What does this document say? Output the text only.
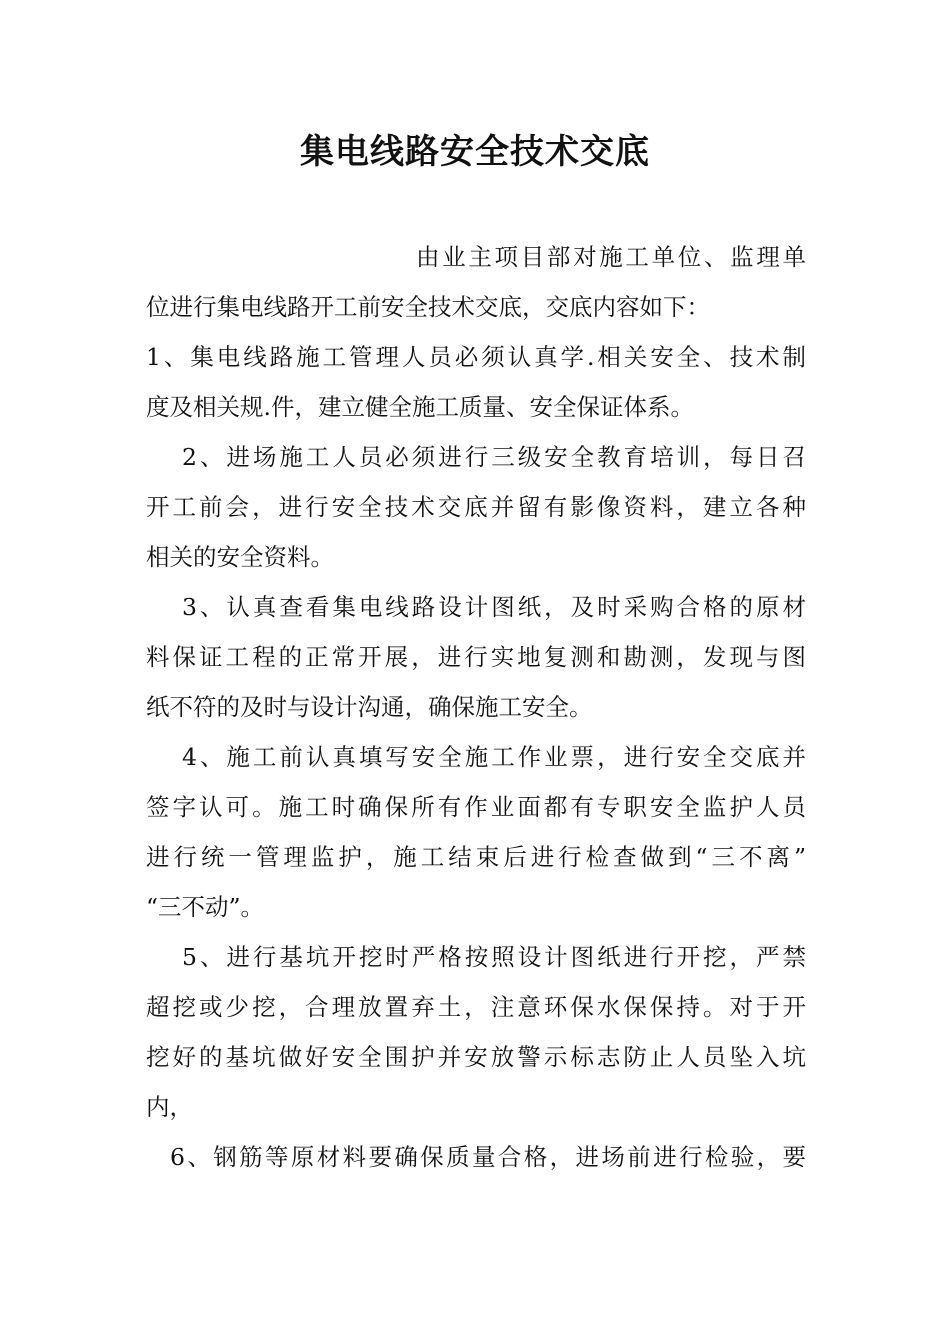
集电线路安全技术交底
由业主项目部对施工单位、监理单
位进行集电线路开工前安全技术交底，交底内容如下：
1、集电线路施工管理人员必须认真学.相关安全、技术制
度及相关规.件，建立健全施工质量、安全保证体系。
2、进场施工人员必须进行三级安全教育培训，每日召
开工前会，进行安全技术交底并留有影像资料，建立各种
相关的安全资料。
3、认真查看集电线路设计图纸，及时采购合格的原材
料保证工程的正常开展，进行实地复测和勘测，发现与图
纸不符的及时与设计沟通，确保施工安全。
4、施工前认真填写安全施工作业票，进行安全交底并
签字认可。施工时确保所有作业面都有专职安全监护人员
进行统一管理监护，施工结束后进行检查做到“三不离”
“三不动”。
5、进行基坑开挖时严格按照设计图纸进行开挖，严禁
超挖或少挖，合理放置弃土，注意环保水保保持。对于开
挖好的基坑做好安全围护并安放警示标志防止人员坠入坑
内，
6、钢筋等原材料要确保质量合格，进场前进行检验，要
